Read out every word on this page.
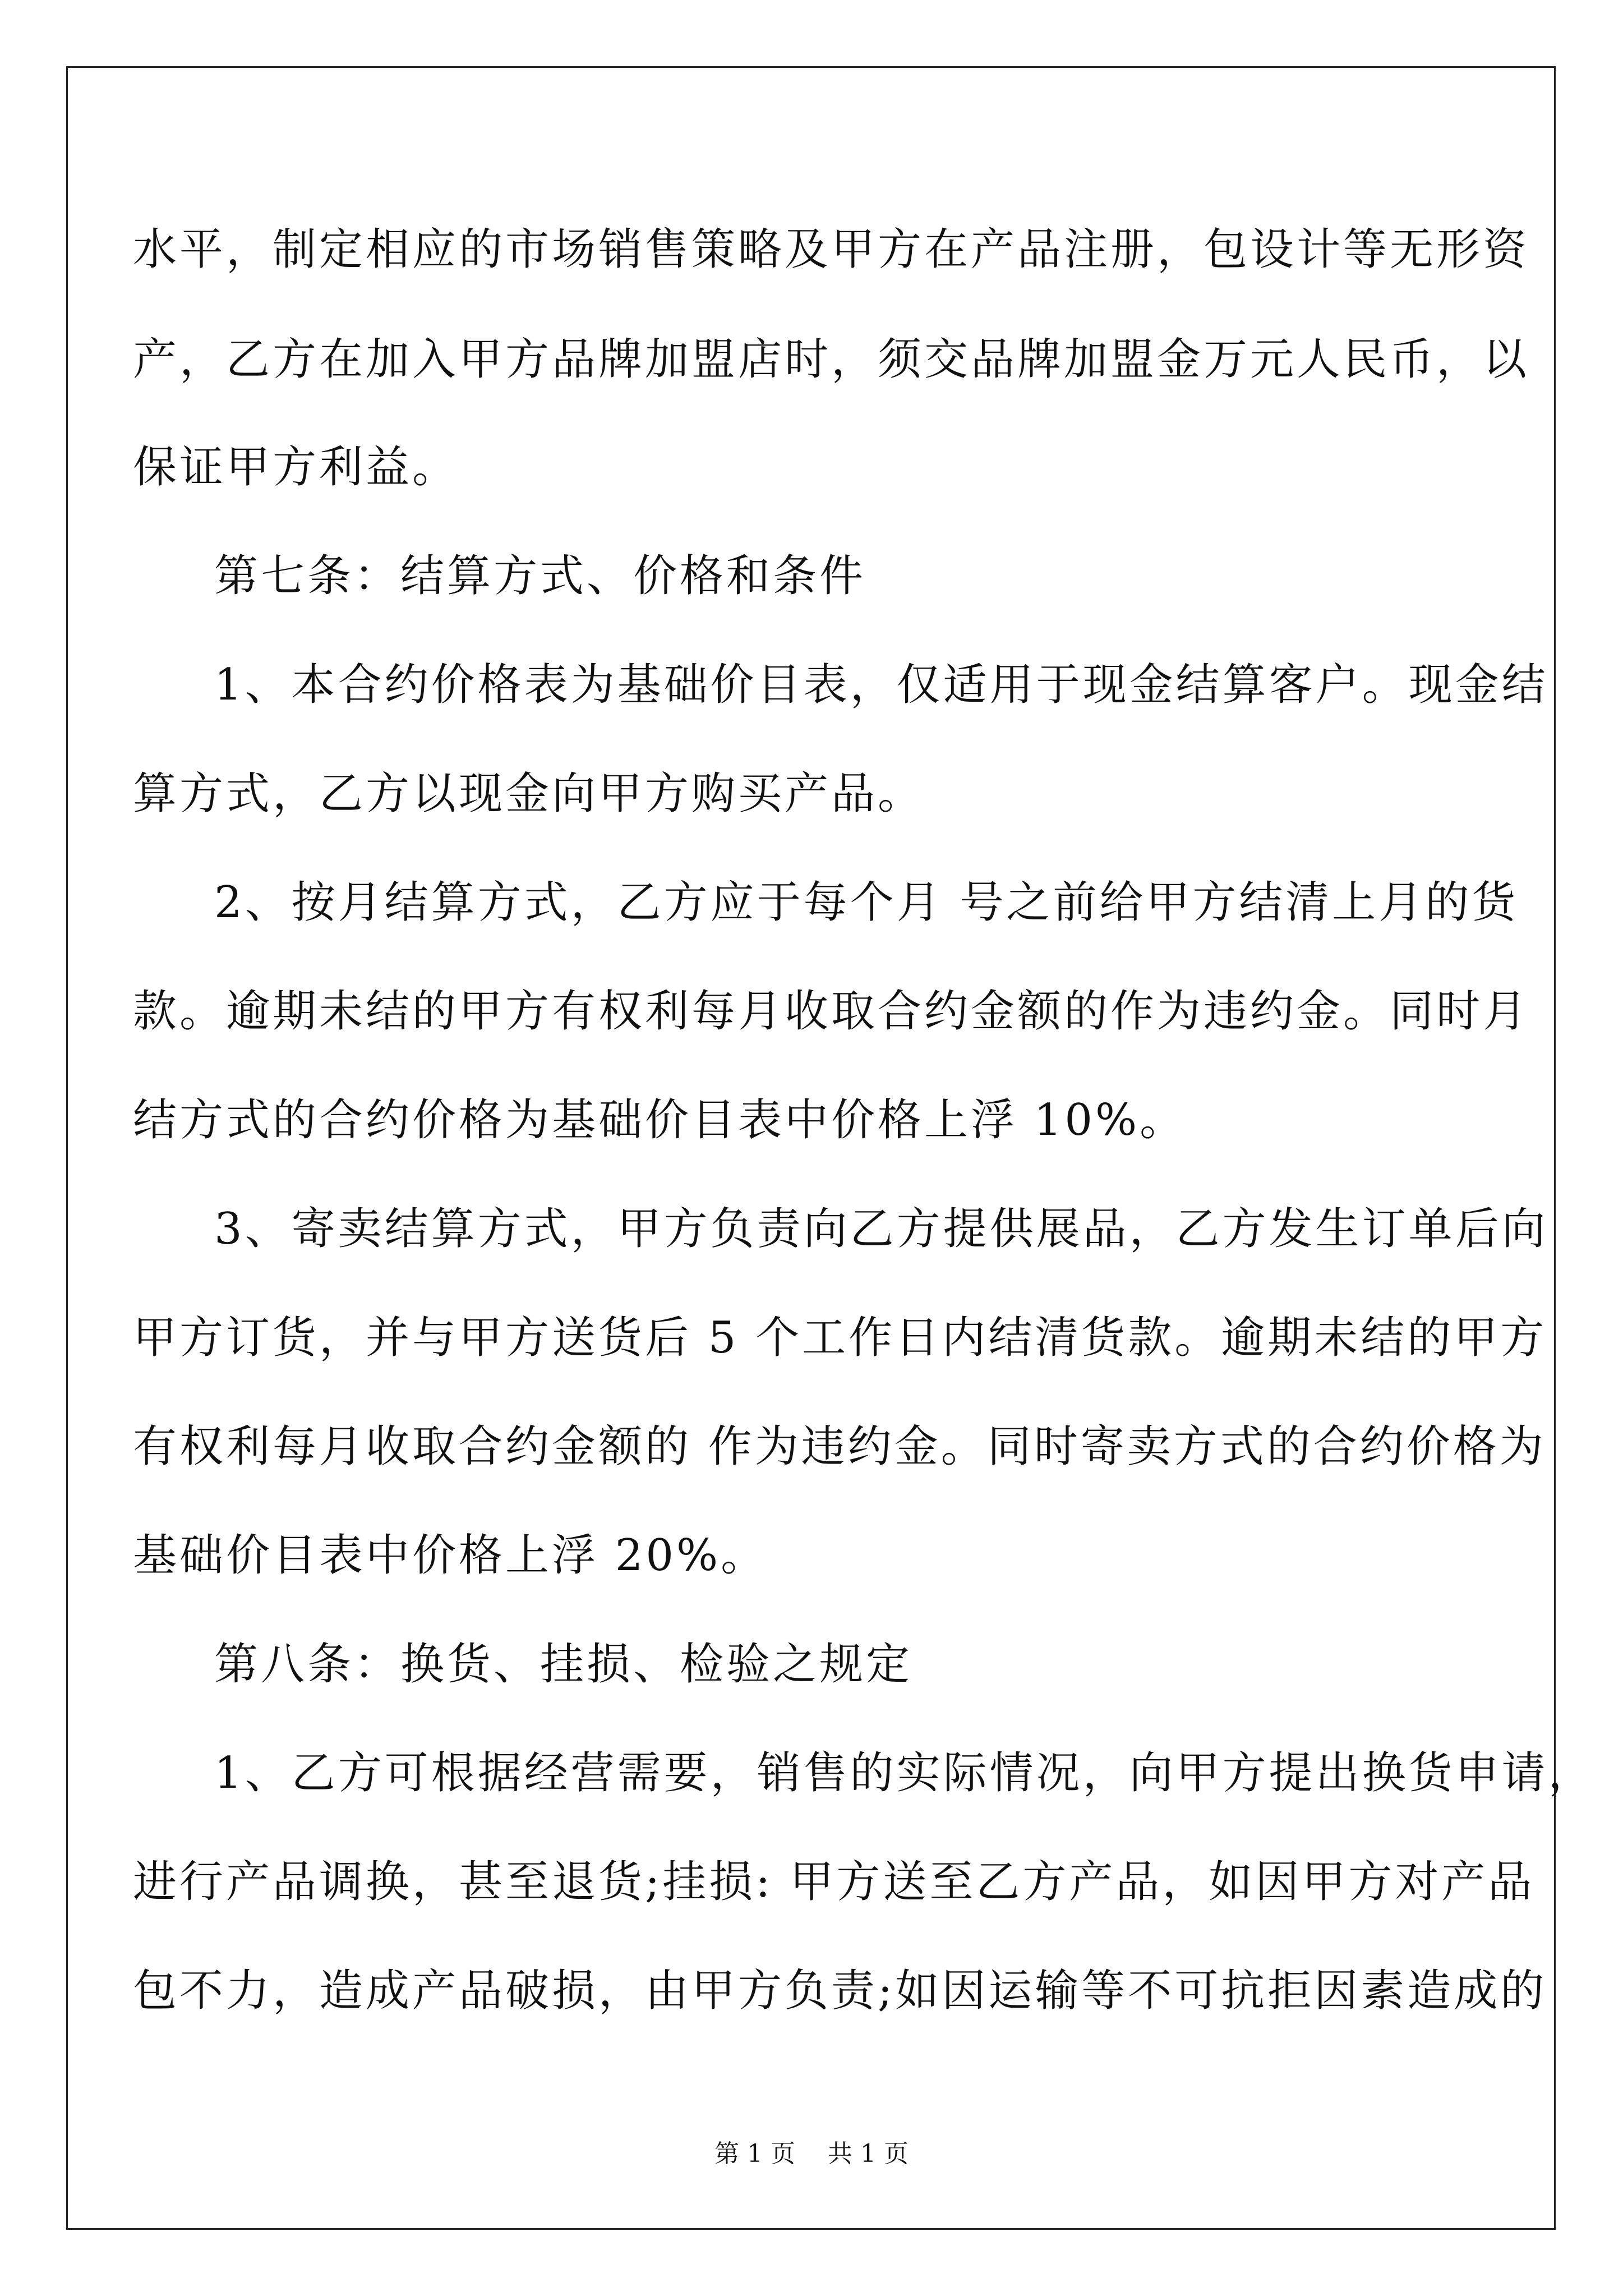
水平，制定相应的市场销售策略及甲方在产品注册，包设计等无形资
产，乙方在加入甲方品牌加盟店时，须交品牌加盟金万元人民币，以
保证甲方利益。
第七条：结算方式、价格和条件
1、本合约价格表为基础价目表，仅适用于现金结算客户。现金结
算方式，乙方以现金向甲方购买产品。
2、按月结算方式，乙方应于每个月 号之前给甲方结清上月的货
款。逾期未结的甲方有权利每月收取合约金额的作为违约金。同时月
结方式的合约价格为基础价目表中价格上浮 10%。
3、寄卖结算方式，甲方负责向乙方提供展品，乙方发生订单后向
甲方订货，并与甲方送货后 5 个工作日内结清货款。逾期未结的甲方
有权利每月收取合约金额的 作为违约金。同时寄卖方式的合约价格为
基础价目表中价格上浮 20%。
第八条：换货、挂损、检验之规定
1、乙方可根据经营需要，销售的实际情况，向甲方提出换货申请，
进行产品调换，甚至退货;挂损: 甲方送至乙方产品，如因甲方对产品
包不力，造成产品破损，由甲方负责;如因运输等不可抗拒因素造成的
第 1 页　 共 1 页
